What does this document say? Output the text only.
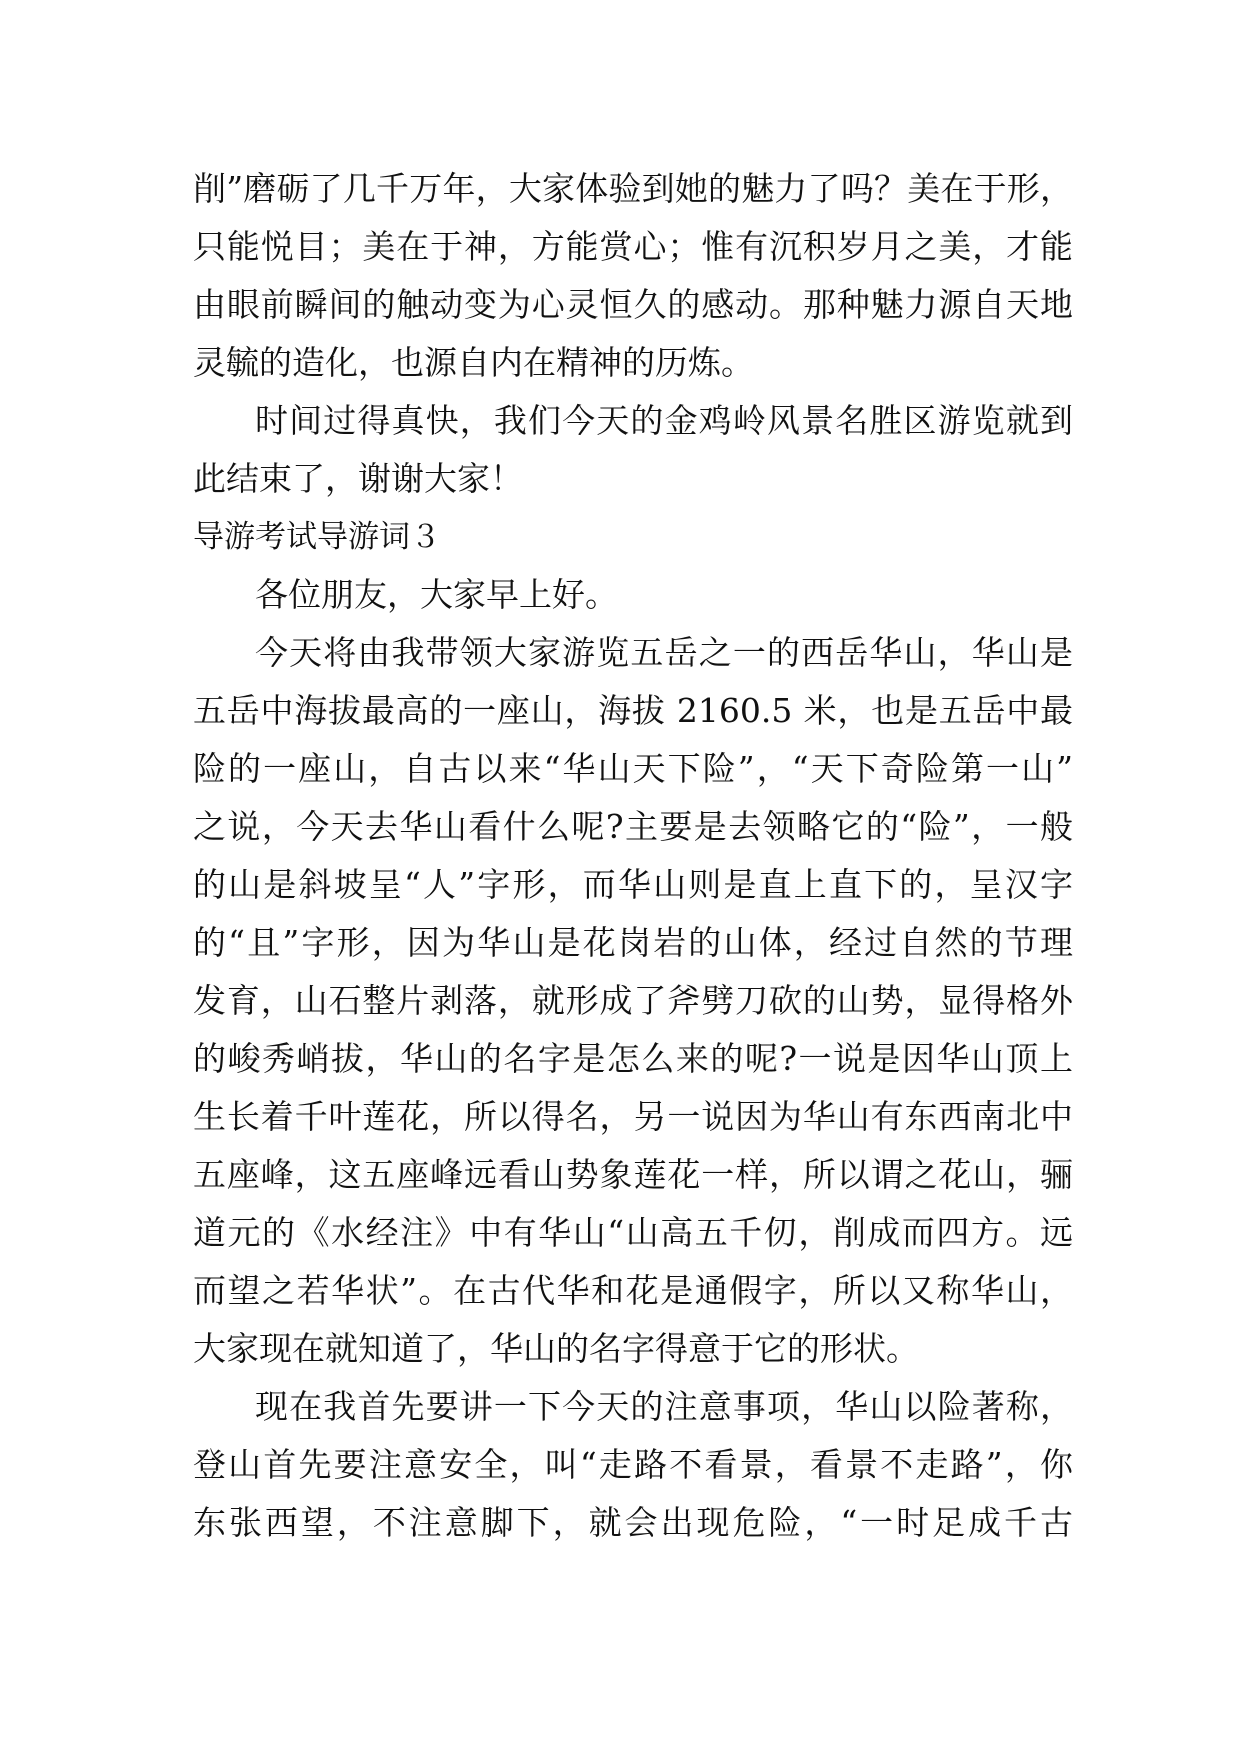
削”磨砺了几千万年，大家体验到她的魅力了吗？美在于形，
只能悦目；美在于神，方能赏心；惟有沉积岁月之美，才能
由眼前瞬间的触动变为心灵恒久的感动。那种魅力源自天地
灵毓的造化，也源自内在精神的历炼。
时间过得真快，我们今天的金鸡岭风景名胜区游览就到
此结束了，谢谢大家！
导游考试导游词３
各位朋友，大家早上好。
今天将由我带领大家游览五岳之一的西岳华山，华山是
五岳中海拔最高的一座山，海拔 2160.5 米，也是五岳中最
险的一座山，自古以来“华山天下险”，“天下奇险第一山”
之说，今天去华山看什么呢?主要是去领略它的“险”，一般
的山是斜坡呈“人”字形，而华山则是直上直下的，呈汉字
的“且”字形，因为华山是花岗岩的山体，经过自然的节理
发育，山石整片剥落，就形成了斧劈刀砍的山势，显得格外
的峻秀峭拔，华山的名字是怎么来的呢?一说是因华山顶上
生长着千叶莲花，所以得名，另一说因为华山有东西南北中
五座峰，这五座峰远看山势象莲花一样，所以谓之花山，骊
道元的《水经注》中有华山“山高五千仞，削成而四方。远
而望之若华状”。在古代华和花是通假字，所以又称华山，
大家现在就知道了，华山的名字得意于它的形状。
现在我首先要讲一下今天的注意事项，华山以险著称，
登山首先要注意安全，叫“走路不看景，看景不走路”，你
东张西望，不注意脚下，就会出现危险，“一时足成千古
